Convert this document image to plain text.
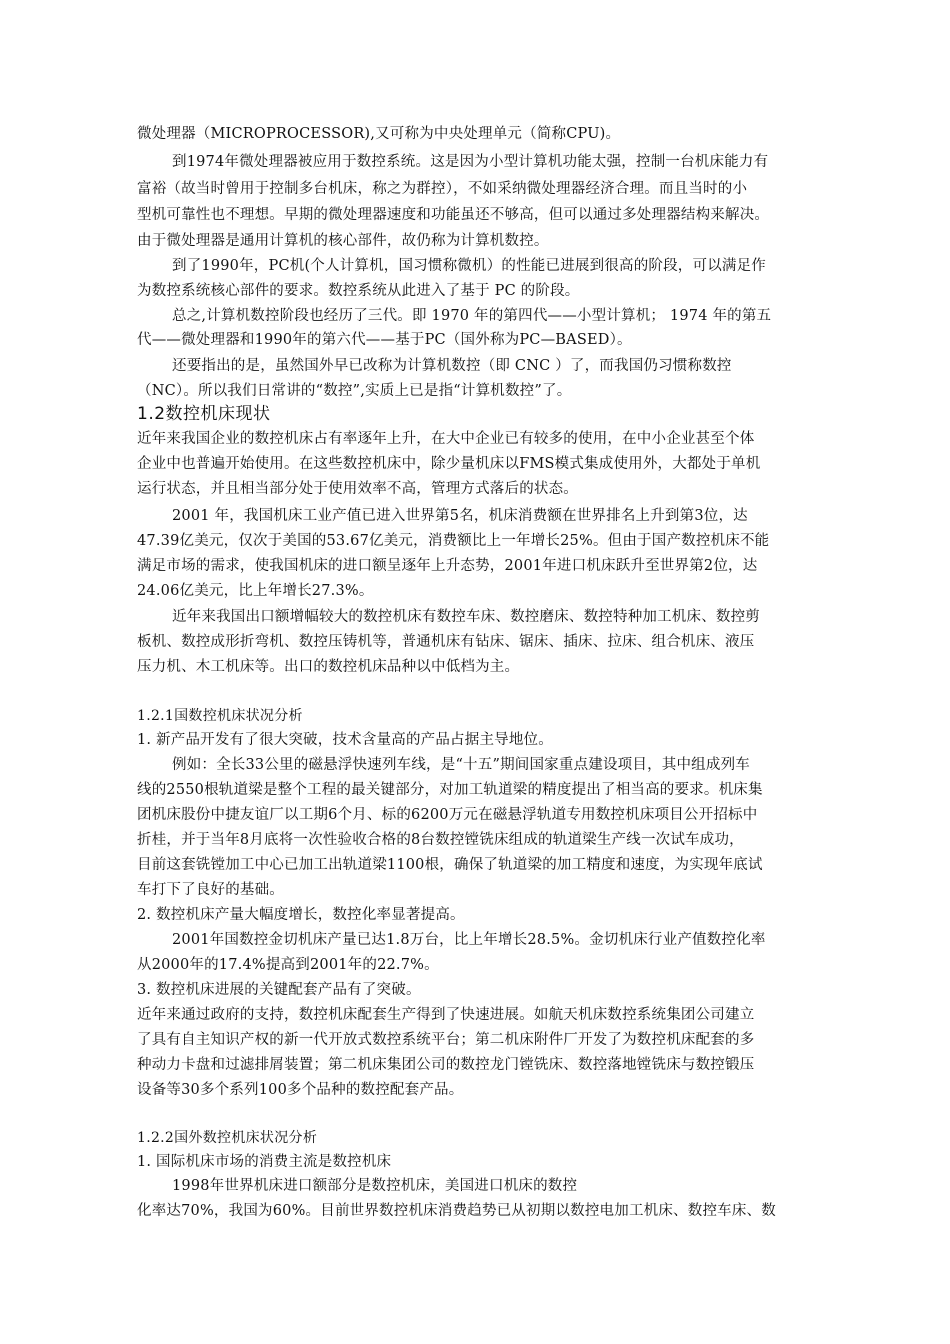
微处理器（MICROPROCESSOR),又可称为中央处理单元（简称CPU)。
到1974年微处理器被应用于数控系统。这是因为小型计算机功能太强，控制一台机床能力有
富裕（故当时曾用于控制多台机床，称之为群控），不如采纳微处理器经济合理。而且当时的小
型机可靠性也不理想。早期的微处理器速度和功能虽还不够高，但可以通过多处理器结构来解决。
由于微处理器是通用计算机的核心部件，故仍称为计算机数控。
到了1990年，PC机(个人计算机，国习惯称微机）的性能已进展到很高的阶段，可以满足作
为数控系统核心部件的要求。数控系统从此进入了基于 PC 的阶段。
总之,计算机数控阶段也经历了三代。即 1970 年的第四代——小型计算机； 1974 年的第五
代——微处理器和1990年的第六代——基于PC（国外称为PC—BASED）。
还要指出的是，虽然国外早已改称为计算机数控（即 CNC ）了，而我国仍习惯称数控
（NC）。所以我们日常讲的“数控”,实质上已是指“计算机数控”了。
1.2数控机床现状
近年来我国企业的数控机床占有率逐年上升，在大中企业已有较多的使用，在中小企业甚至个体
企业中也普遍开始使用。在这些数控机床中，除少量机床以FMS模式集成使用外，大都处于单机
运行状态，并且相当部分处于使用效率不高，管理方式落后的状态。
2001 年，我国机床工业产值已进入世界第5名，机床消费额在世界排名上升到第3位，达
47.39亿美元，仅次于美国的53.67亿美元，消费额比上一年增长25%。但由于国产数控机床不能
满足市场的需求，使我国机床的进口额呈逐年上升态势，2001年进口机床跃升至世界第2位，达
24.06亿美元，比上年增长27.3%。
近年来我国出口额增幅较大的数控机床有数控车床、数控磨床、数控特种加工机床、数控剪
板机、数控成形折弯机、数控压铸机等，普通机床有钻床、锯床、插床、拉床、组合机床、液压
压力机、木工机床等。出口的数控机床品种以中低档为主。
1.2.1国数控机床状况分析
1. 新产品开发有了很大突破，技术含量高的产品占据主导地位。
例如：全长33公里的磁悬浮快速列车线，是“十五”期间国家重点建设项目，其中组成列车
线的2550根轨道梁是整个工程的最关键部分，对加工轨道梁的精度提出了相当高的要求。机床集
团机床股份中捷友谊厂以工期6个月、标的6200万元在磁悬浮轨道专用数控机床项目公开招标中
折桂，并于当年8月底将一次性验收合格的8台数控镗铣床组成的轨道梁生产线一次试车成功，
目前这套铣镗加工中心已加工出轨道梁1100根，确保了轨道梁的加工精度和速度，为实现年底试
车打下了良好的基础。
2. 数控机床产量大幅度增长，数控化率显著提高。
2001年国数控金切机床产量已达1.8万台，比上年增长28.5%。金切机床行业产值数控化率
从2000年的17.4%提高到2001年的22.7%。
3. 数控机床进展的关键配套产品有了突破。
近年来通过政府的支持，数控机床配套生产得到了快速进展。如航天机床数控系统集团公司建立
了具有自主知识产权的新一代开放式数控系统平台；第二机床附件厂开发了为数控机床配套的多
种动力卡盘和过滤排屑装置；第二机床集团公司的数控龙门镗铣床、数控落地镗铣床与数控锻压
设备等30多个系列100多个品种的数控配套产品。
1.2.2国外数控机床状况分析
1. 国际机床市场的消费主流是数控机床
1998年世界机床进口额部分是数控机床，美国进口机床的数控
化率达70%，我国为60%。目前世界数控机床消费趋势已从初期以数控电加工机床、数控车床、数
